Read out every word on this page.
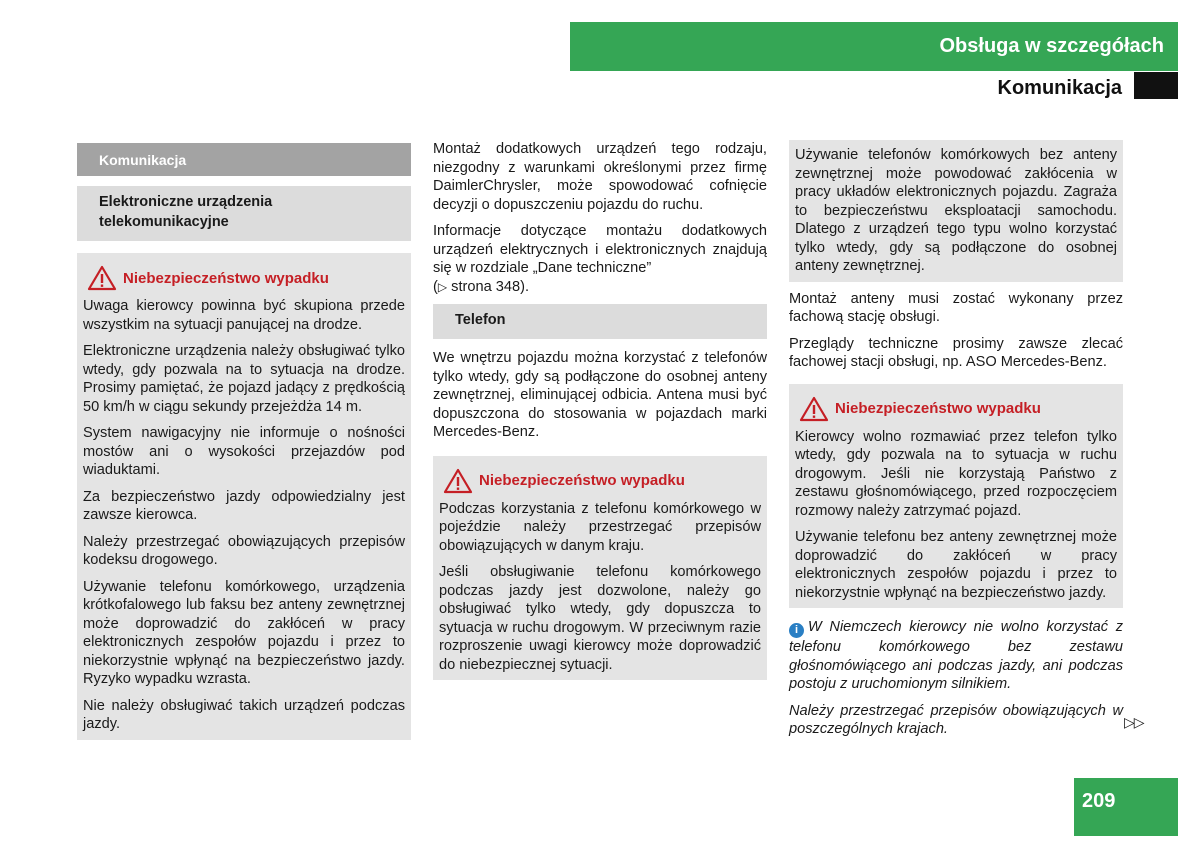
Obsługa w szczegółach
Komunikacja
Komunikacja
Elektroniczne urządzenia
telekomunikacyjne
Niebezpieczeństwo wypadku

Uwaga kierowcy powinna być skupiona przede wszystkim na sytuacji panującej na drodze.

Elektroniczne urządzenia należy obsługiwać tylko wtedy, gdy pozwala na to sytuacja na drodze. Prosimy pamiętać, że pojazd jadący z prędkością 50 km/h w ciągu sekundy przejeżdża 14 m.

System nawigacyjny nie informuje o nośności mostów ani o wysokości przejazdów pod wiaduktami.

Za bezpieczeństwo jazdy odpowiedzialny jest zawsze kierowca.

Należy przestrzegać obowiązujących przepisów kodeksu drogowego.

Używanie telefonu komórkowego, urządzenia krótkofalowego lub faksu bez anteny zewnętrznej może doprowadzić do zakłóceń w pracy elektronicznych zespołów pojazdu i przez to niekorzystnie wpłynąć na bezpieczeństwo jazdy. Ryzyko wypadku wzrasta.

Nie należy obsługiwać takich urządzeń podczas jazdy.

Montaż dodatkowych urządzeń tego rodzaju, niezgodny z warunkami określonymi przez firmę DaimlerChrysler, może spowodować cofnięcie decyzji o dopuszczeniu pojazdu do ruchu.

Informacje dotyczące montażu dodatkowych urządzeń elektrycznych i elektronicznych znajdują się w rozdziale „Dane techniczne”
(▷ strona 348).

Telefon

We wnętrzu pojazdu można korzystać z telefonów tylko wtedy, gdy są podłączone do osobnej anteny zewnętrznej, eliminującej odbicia. Antena musi być dopuszczona do stosowania w pojazdach marki Mercedes-Benz.

Niebezpieczeństwo wypadku

Podczas korzystania z telefonu komórkowego w pojeździe należy przestrzegać przepisów obowiązujących w danym kraju.

Jeśli obsługiwanie telefonu komórkowego podczas jazdy jest dozwolone, należy go obsługiwać tylko wtedy, gdy dopuszcza to sytuacja w ruchu drogowym. W przeciwnym razie rozproszenie uwagi kierowcy może doprowadzić do niebezpiecznej sytuacji.

Używanie telefonów komórkowych bez anteny zewnętrznej może powodować zakłócenia w pracy układów elektronicznych pojazdu. Zagraża to bezpieczeństwu eksploatacji samochodu. Dlatego z urządzeń tego typu wolno korzystać tylko wtedy, gdy są podłączone do osobnej anteny zewnętrznej.

Montaż anteny musi zostać wykonany przez fachową stację obsługi.

Przeglądy techniczne prosimy zawsze zlecać fachowej stacji obsługi, np. ASO Mercedes-Benz.

Niebezpieczeństwo wypadku

Kierowcy wolno rozmawiać przez telefon tylko wtedy, gdy pozwala na to sytuacja w ruchu drogowym. Jeśli nie korzystają Państwo z zestawu głośnomówiącego, przed rozpoczęciem rozmowy należy zatrzymać pojazd.

Używanie telefonu bez anteny zewnętrznej może doprowadzić do zakłóceń w pracy elektronicznych zespołów pojazdu i przez to niekorzystnie wpłynąć na bezpieczeństwo jazdy.

i W Niemczech kierowcy nie wolno korzystać z telefonu komórkowego bez zestawu głośnomówiącego ani podczas jazdy, ani podczas postoju z uruchomionym silnikiem.

Należy przestrzegać przepisów obowiązujących w poszczególnych krajach.	▷▷
209
